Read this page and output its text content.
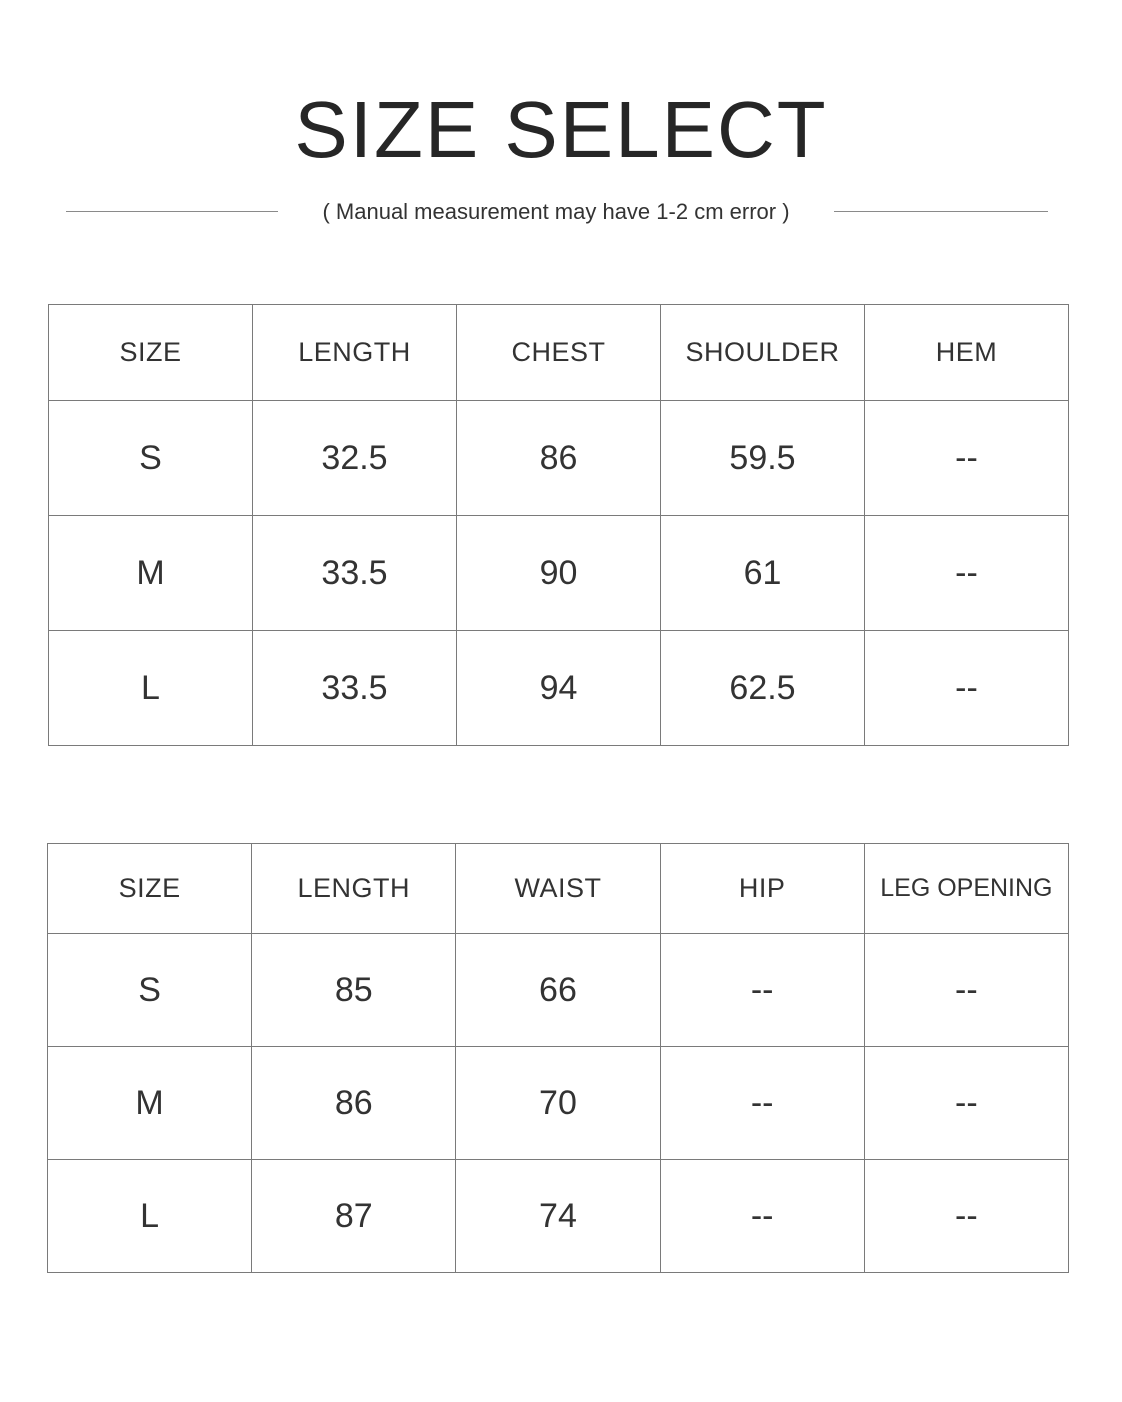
SIZE SELECT
( Manual measurement may have 1-2 cm error )
SIZE	LENGTH	CHEST	SHOULDER	HEM
S	32.5	86	59.5	--
M	33.5	90	61	--
L	33.5	94	62.5	--
SIZE	LENGTH	WAIST	HIP	LEG OPENING
S	85	66	--	--
M	86	70	--	--
L	87	74	--	--
